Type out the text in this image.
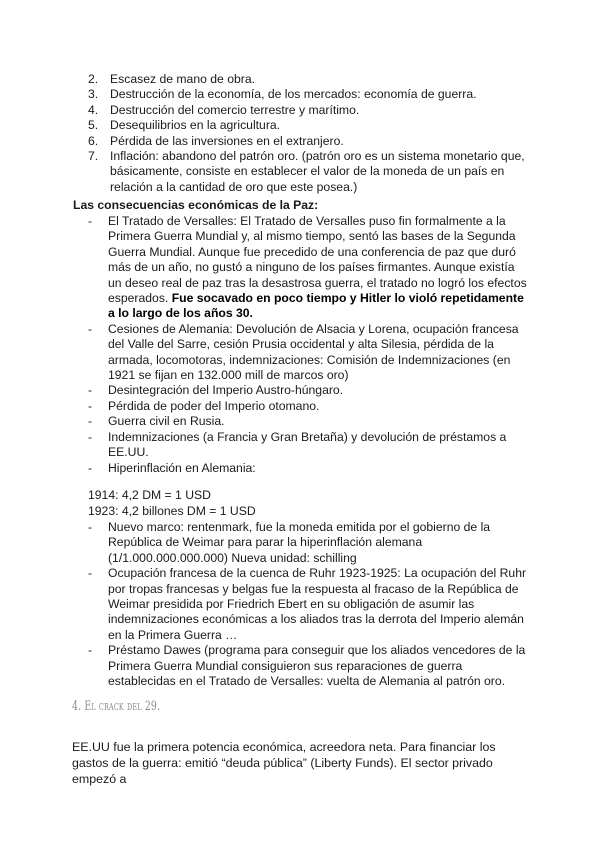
2. Escasez de mano de obra.
3. Destrucción de la economía, de los mercados: economía de guerra.
4. Destrucción del comercio terrestre y marítimo.
5. Desequilibrios en la agricultura.
6. Pérdida de las inversiones en el extranjero.
7. Inflación: abandono del patrón oro. (patrón oro es un sistema monetario que, básicamente, consiste en establecer el valor de la moneda de un país en relación a la cantidad de oro que este posea.)
Las consecuencias económicas de la Paz:
-	El Tratado de Versalles: El Tratado de Versalles puso fin formalmente a la Primera Guerra Mundial y, al mismo tiempo, sentó las bases de la Segunda Guerra Mundial. Aunque fue precedido de una conferencia de paz que duró más de un año, no gustó a ninguno de los países firmantes. Aunque existía un deseo real de paz tras la desastrosa guerra, el tratado no logró los efectos esperados. Fue socavado en poco tiempo y Hitler lo violó repetidamente a lo largo de los años 30.
-	Cesiones de Alemania: Devolución de Alsacia y Lorena, ocupación francesa del Valle del Sarre, cesión Prusia occidental y alta Silesia, pérdida de la armada, locomotoras, indemnizaciones: Comisión de Indemnizaciones (en 1921 se fijan en 132.000 mill de marcos oro)
-	Desintegración del Imperio Austro-húngaro.
-	Pérdida de poder del Imperio otomano.
-	Guerra civil en Rusia.
-	Indemnizaciones (a Francia y Gran Bretaña) y devolución de préstamos a EE.UU.
-	Hiperinflación en Alemania:
1914: 4,2 DM = 1 USD
1923: 4,2 billones DM = 1 USD
-	Nuevo marco: rentenmark, fue la moneda emitida por el gobierno de la República de Weimar para parar la hiperinflación alemana (1/1.000.000.000.000) Nueva unidad: schilling
-	Ocupación francesa de la cuenca de Ruhr 1923-1925: La ocupación del Ruhr por tropas francesas y belgas fue la respuesta al fracaso de la República de Weimar presidida por Friedrich Ebert en su obligación de asumir las indemnizaciones económicas a los aliados tras la derrota del Imperio alemán en la Primera Guerra …
-	Préstamo Dawes (programa para conseguir que los aliados vencedores de la Primera Guerra Mundial consiguieron sus reparaciones de guerra establecidas en el Tratado de Versalles: vuelta de Alemania al patrón oro.
4. El crack del 29.

EE.UU fue la primera potencia económica, acreedora neta. Para financiar los gastos de la guerra: emitió “deuda pública” (Liberty Funds). El sector privado empezó a
